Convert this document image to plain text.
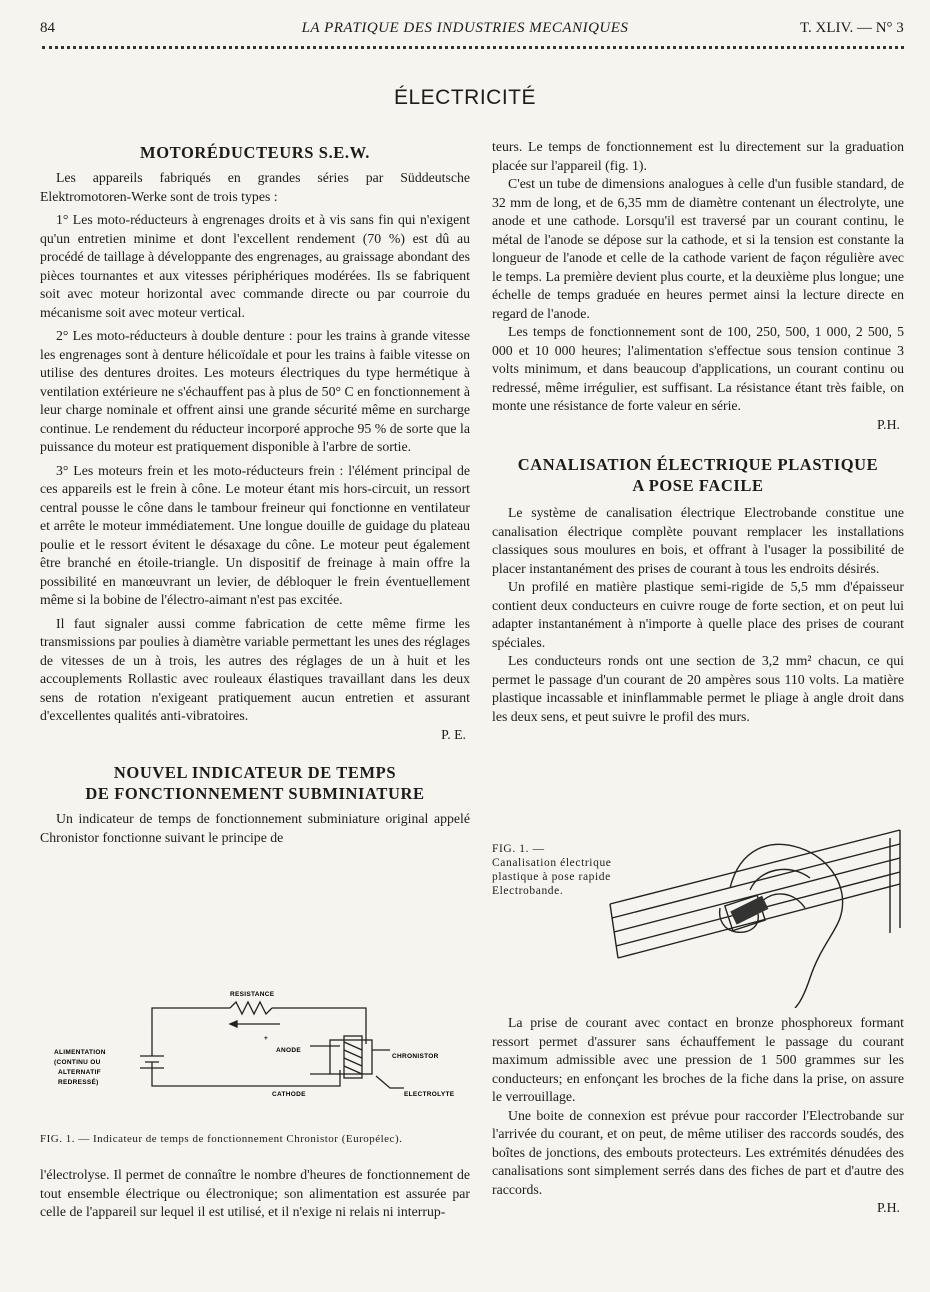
84	LA PRATIQUE DES INDUSTRIES MECANIQUES	T. XLIV. — N° 3
ÉLECTRICITÉ
MOTORÉDUCTEURS S.E.W.

Les appareils fabriqués en grandes séries par Süddeutsche Elektromotoren-Werke sont de trois types :

1° Les moto-réducteurs à engrenages droits et à vis sans fin qui n'exigent qu'un entretien minime et dont l'excellent rendement (70 %) est dû au procédé de taillage à développante des engrenages, au graissage abondant des pièces tournantes et aux vitesses périphériques modérées. Ils se fabriquent soit avec moteur horizontal avec commande directe ou par courroie du mécanisme soit avec moteur vertical.

2° Les moto-réducteurs à double denture : pour les trains à grande vitesse les engrenages sont à denture hélicoïdale et pour les trains à faible vitesse on utilise des dentures droites. Les moteurs électriques du type hermétique à ventilation extérieure ne s'échauffent pas à plus de 50° C en fonctionnement à leur charge nominale et offrent ainsi une grande sécurité même en surcharge continue. Le rendement du réducteur incorporé approche 95 % de sorte que la puissance du moteur est pratiquement disponible à l'arbre de sortie.

3° Les moteurs frein et les moto-réducteurs frein : l'élément principal de ces appareils est le frein à cône. Le moteur étant mis hors-circuit, un ressort central pousse le cône dans le tambour freineur qui fonctionne en ventilateur et arrête le moteur immédiatement. Une longue douille de guidage du plateau poulie et le ressort évitent le désaxage du cône. Le moteur peut également être branché en étoile-triangle. Un dispositif de freinage à main offre la possibilité en manœuvrant un levier, de débloquer le frein éventuellement même si la bobine de l'électro-aimant n'est pas excitée.

Il faut signaler aussi comme fabrication de cette même firme les transmissions par poulies à diamètre variable permettant les unes des réglages de vitesses de un à trois, les autres des réglages de un à huit et les accouplements Rollastic avec rouleaux élastiques travaillant dans les deux sens de rotation n'exigeant pratiquement aucun entretien et assurant d'excellentes qualités anti-vibratoires.

P. E.
NOUVEL INDICATEUR DE TEMPS
DE FONCTIONNEMENT SUBMINIATURE

Un indicateur de temps de fonctionnement subminiature original appelé Chronistor fonctionne suivant le principe de

RESISTANCE
+
ANODE
CHRONISTOR
CATHODE	ELECTROLYTE
ALIMENTATION
(CONTINU OU
ALTERNATIF
REDRESSÉ)
FIG. 1. — Indicateur de temps de fonctionnement Chronistor (Européleс).

l'électrolyse. Il permet de connaître le nombre d'heures de fonctionnement de tout ensemble électrique ou électronique; son alimentation est assurée par celle de l'appareil sur lequel il est utilisé, et il n'exige ni relais ni interrup-

teurs. Le temps de fonctionnement est lu directement sur la graduation placée sur l'appareil (fig. 1).

C'est un tube de dimensions analogues à celle d'un fusible standard, de 32 mm de long, et de 6,35 mm de diamètre contenant un électrolyte, une anode et une cathode. Lorsqu'il est traversé par un courant continu, le métal de l'anode se dépose sur la cathode, et si la tension est constante la longueur de l'anode et celle de la cathode varient de façon régulière avec le temps. La première devient plus courte, et la deuxième plus longue; une échelle de temps graduée en heures permet ainsi la lecture directe en regard de l'anode.

Les temps de fonctionnement sont de 100, 250, 500, 1 000, 2 500, 5 000 et 10 000 heures; l'alimentation s'effectue sous tension continue 3 volts minimum, et dans beaucoup d'applications, un courant continu ou redressé, même irrégulier, est suffisant. La résistance étant très faible, on monte une résistance de forte valeur en série.

P.H.
CANALISATION ÉLECTRIQUE PLASTIQUE
A POSE FACILE

Le système de canalisation électrique Electrobande constitue une canalisation électrique complète pouvant remplacer les installations classiques sous moulures en bois, et offrant à l'usager la possibilité de placer instantanément des prises de courant à tous les endroits désirés.

Un profilé en matière plastique semi-rigide de 5,5 mm d'épaisseur contient deux conducteurs en cuivre rouge de forte section, et on peut lui adapter instantanément à n'importe à quelle place des prises de courant spéciales.

Les conducteurs ronds ont une section de 3,2 mm² chacun, ce qui permet le passage d'un courant de 20 ampères sous 110 volts. La matière plastique incassable et ininflammable permet le pliage à angle droit dans les deux sens, et peut suivre le profil des murs.

FIG. 1. — Canalisation électrique plastique à pose rapide Electrobande.

La prise de courant avec contact en bronze phosphoreux formant ressort permet d'assurer sans échauffement le passage du courant maximum admissible avec une pression de 1 500 grammes sur les conducteurs; en enfonçant les broches de la fiche dans la prise, on assure le verrouillage.

Une boite de connexion est prévue pour raccorder l'Electrobande sur l'arrivée du courant, et on peut, de même utiliser des raccords soudés, des boîtes de jonctions, des embouts protecteurs. Les extrémités dénudées des canalisations sont simplement serrés dans des fiches de part et d'autre des raccords.

P.H.
